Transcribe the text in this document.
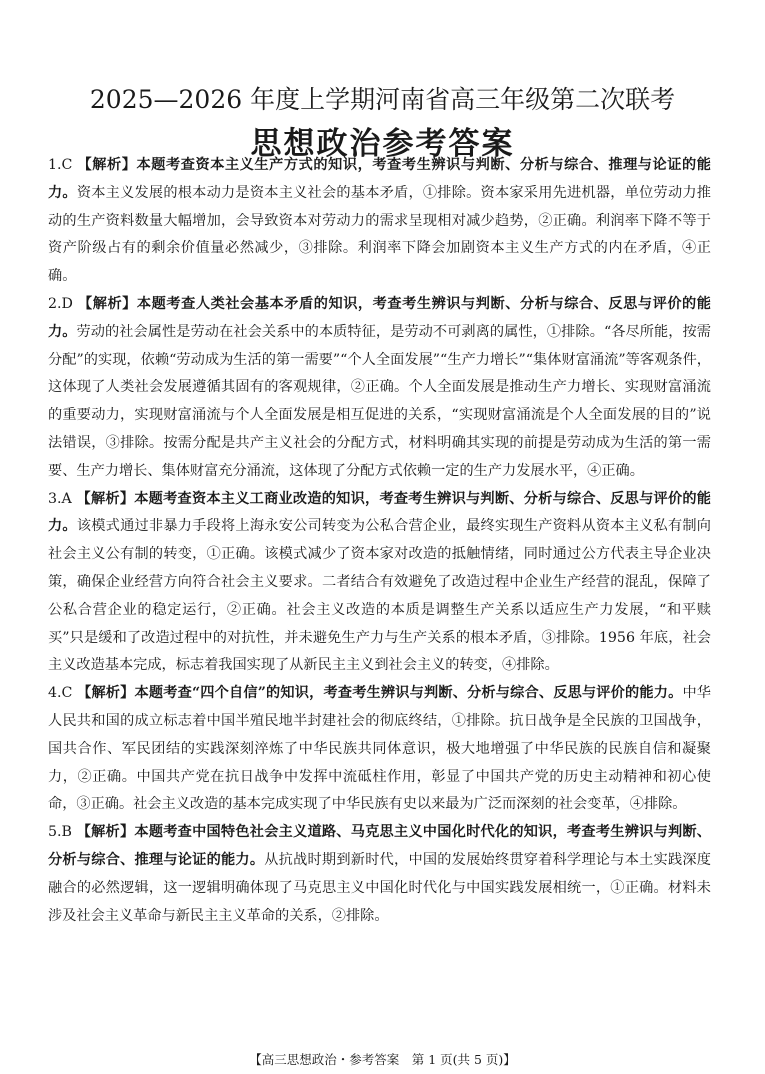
2025—2026 年度上学期河南省高三年级第二次联考
思想政治参考答案

1.C 【解析】本题考查资本主义生产方式的知识，考查考生辨识与判断、分析与综合、推理与论证的能力。资本主义发展的根本动力是资本主义社会的基本矛盾，①排除。资本家采用先进机器，单位劳动力推动的生产资料数量大幅增加，会导致资本对劳动力的需求呈现相对减少趋势，②正确。利润率下降不等于资产阶级占有的剩余价值量必然减少，③排除。利润率下降会加剧资本主义生产方式的内在矛盾，④正确。

2.D 【解析】本题考查人类社会基本矛盾的知识，考查考生辨识与判断、分析与综合、反思与评价的能力。劳动的社会属性是劳动在社会关系中的本质特征，是劳动不可剥离的属性，①排除。“各尽所能，按需分配”的实现，依赖“劳动成为生活的第一需要”“个人全面发展”“生产力增长”“集体财富涌流”等客观条件，这体现了人类社会发展遵循其固有的客观规律，②正确。个人全面发展是推动生产力增长、实现财富涌流的重要动力，实现财富涌流与个人全面发展是相互促进的关系，“实现财富涌流是个人全面发展的目的”说法错误，③排除。按需分配是共产主义社会的分配方式，材料明确其实现的前提是劳动成为生活的第一需要、生产力增长、集体财富充分涌流，这体现了分配方式依赖一定的生产力发展水平，④正确。

3.A 【解析】本题考查资本主义工商业改造的知识，考查考生辨识与判断、分析与综合、反思与评价的能力。该模式通过非暴力手段将上海永安公司转变为公私合营企业，最终实现生产资料从资本主义私有制向社会主义公有制的转变，①正确。该模式减少了资本家对改造的抵触情绪，同时通过公方代表主导企业决策，确保企业经营方向符合社会主义要求。二者结合有效避免了改造过程中企业生产经营的混乱，保障了公私合营企业的稳定运行，②正确。社会主义改造的本质是调整生产关系以适应生产力发展，“和平赎买”只是缓和了改造过程中的对抗性，并未避免生产力与生产关系的根本矛盾，③排除。1956 年底，社会主义改造基本完成，标志着我国实现了从新民主主义到社会主义的转变，④排除。

4.C 【解析】本题考查“四个自信”的知识，考查考生辨识与判断、分析与综合、反思与评价的能力。中华人民共和国的成立标志着中国半殖民地半封建社会的彻底终结，①排除。抗日战争是全民族的卫国战争，国共合作、军民团结的实践深刻淬炼了中华民族共同体意识，极大地增强了中华民族的民族自信和凝聚力，②正确。中国共产党在抗日战争中发挥中流砥柱作用，彰显了中国共产党的历史主动精神和初心使命，③正确。社会主义改造的基本完成实现了中华民族有史以来最为广泛而深刻的社会变革，④排除。

5.B 【解析】本题考查中国特色社会主义道路、马克思主义中国化时代化的知识，考查考生辨识与判断、分析与综合、推理与论证的能力。从抗战时期到新时代，中国的发展始终贯穿着科学理论与本土实践深度融合的必然逻辑，这一逻辑明确体现了马克思主义中国化时代化与中国实践发展相统一，①正确。材料未涉及社会主义革命与新民主主义革命的关系，②排除。

【高三思想政治・参考答案　第 1 页(共 5 页)】
